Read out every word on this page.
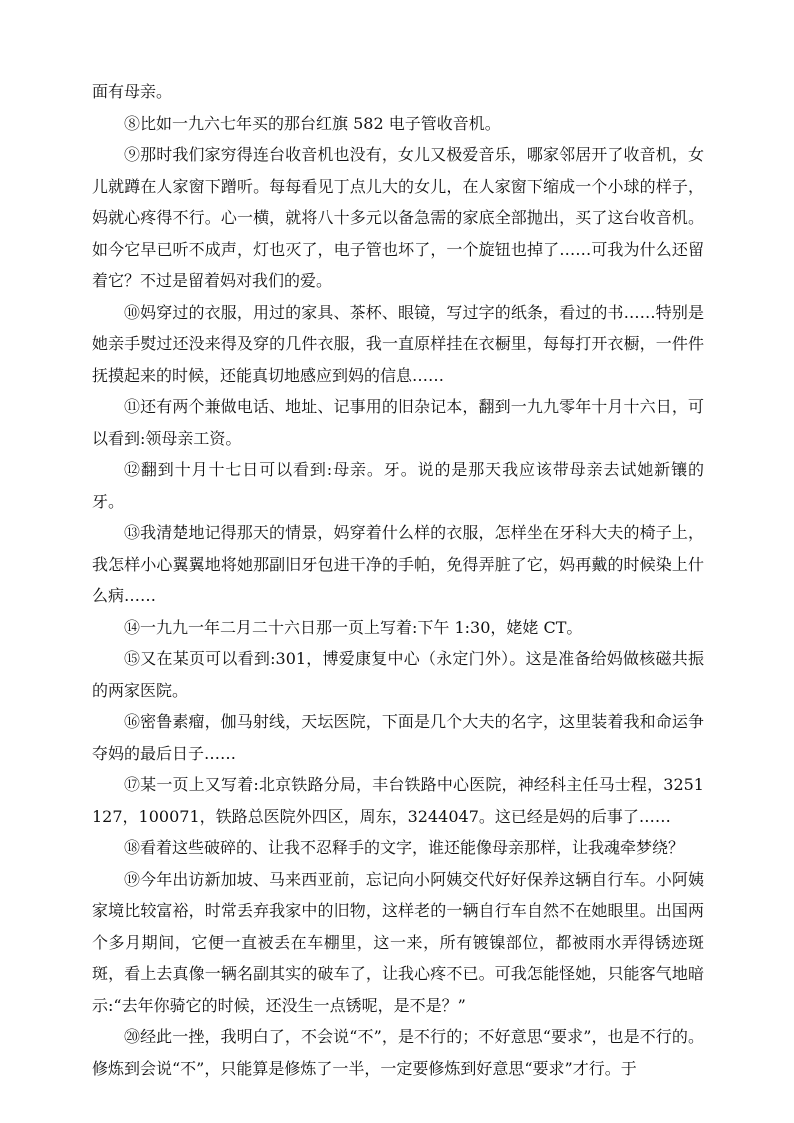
面有母亲。

⑧比如一九六七年买的那台红旗 582 电子管收音机。

⑨那时我们家穷得连台收音机也没有，女儿又极爱音乐，哪家邻居开了收音机，女儿就蹲在人家窗下蹭听。每每看见丁点儿大的女儿，在人家窗下缩成一个小球的样子，妈就心疼得不行。心一横，就将八十多元以备急需的家底全部抛出，买了这台收音机。如今它早已听不成声，灯也灭了，电子管也坏了，一个旋钮也掉了……可我为什么还留着它？不过是留着妈对我们的爱。

⑩妈穿过的衣服，用过的家具、茶杯、眼镜，写过字的纸条，看过的书……特别是她亲手熨过还没来得及穿的几件衣服，我一直原样挂在衣橱里，每每打开衣橱，一件件抚摸起来的时候，还能真切地感应到妈的信息……

⑪还有两个兼做电话、地址、记事用的旧杂记本，翻到一九九零年十月十六日，可以看到:领母亲工资。

⑫翻到十月十七日可以看到:母亲。牙。说的是那天我应该带母亲去试她新镶的牙。

⑬我清楚地记得那天的情景，妈穿着什么样的衣服，怎样坐在牙科大夫的椅子上，我怎样小心翼翼地将她那副旧牙包进干净的手帕，免得弄脏了它，妈再戴的时候染上什么病……

⑭一九九一年二月二十六日那一页上写着:下午 1:30，姥姥 CT。

⑮又在某页可以看到:301，博爱康复中心（永定门外）。这是准备给妈做核磁共振的两家医院。

⑯密鲁素瘤，伽马射线，天坛医院，下面是几个大夫的名字，这里装着我和命运争夺妈的最后日子……

⑰某一页上又写着:北京铁路分局，丰台铁路中心医院，神经科主任马士程，3251127，100071，铁路总医院外四区，周东，3244047。这已经是妈的后事了……

⑱看着这些破碎的、让我不忍释手的文字，谁还能像母亲那样，让我魂牵梦绕？

⑲今年出访新加坡、马来西亚前，忘记向小阿姨交代好好保养这辆自行车。小阿姨家境比较富裕，时常丢弃我家中的旧物，这样老的一辆自行车自然不在她眼里。出国两个多月期间，它便一直被丢在车棚里，这一来，所有镀镍部位，都被雨水弄得锈迹斑斑，看上去真像一辆名副其实的破车了，让我心疼不已。可我怎能怪她，只能客气地暗示:“去年你骑它的时候，还没生一点锈呢，是不是？”

⑳经此一挫，我明白了，不会说“不”，是不行的；不好意思“要求”，也是不行的。修炼到会说“不”，只能算是修炼了一半，一定要修炼到好意思“要求”才行。于
